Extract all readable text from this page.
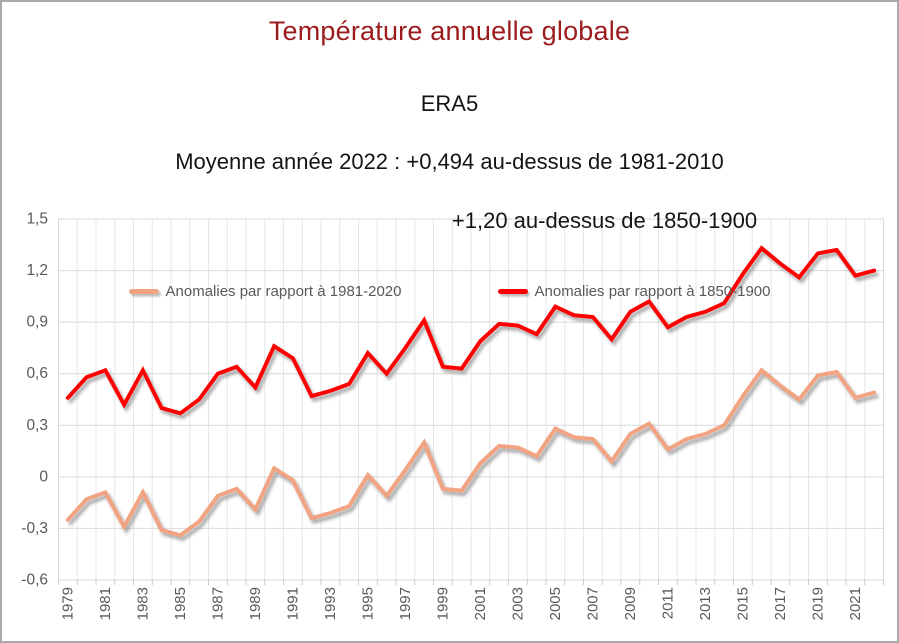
Température annuelle globale
ERA5
Moyenne année 2022 : +0,494 au-dessus de 1981-2010
+1,20 au-dessus de 1850-1900
Anomalies par rapport à 1981-2020	Anomalies par rapport à 1850-1900
1,5
1,2
0,9
0,6
0,3
0
-0,3
-0,6
1979 1981 1983 1985 1987 1989 1991 1993 1995 1997 1999 2001 2003 2005 2007 2009 2011 2013 2015 2017 2019 2021
